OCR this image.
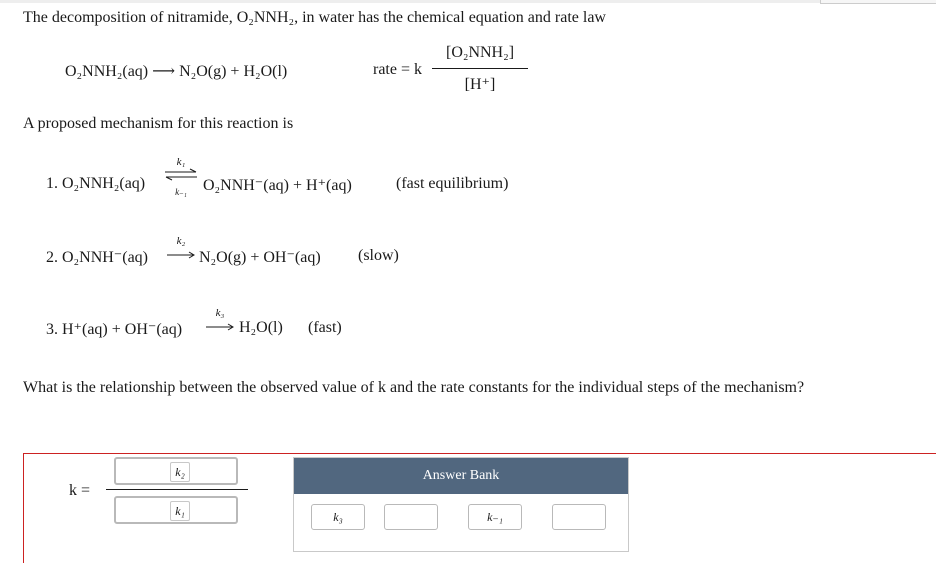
The decomposition of nitramide, O₂NNH₂, in water has the chemical equation and rate law
O₂NNH₂(aq) ⟶ N₂O(g) + H₂O(l)	rate = k
[O₂NNH₂]
[H⁺]
A proposed mechanism for this reaction is
1. O₂NNH₂(aq)
k₁
k₋₁	O₂NNH⁻(aq) + H⁺(aq)	(fast equilibrium)
2. O₂NNH⁻(aq)
k₂
N₂O(g) + OH⁻(aq) (slow)
3. H⁺(aq) + OH⁻(aq)
k₃
H₂O(l) (fast)
What is the relationship between the observed value of k and the rate constants for the individual steps of the mechanism?
k =
k₂
k₁
Answer Bank
k₃	k₋₁
